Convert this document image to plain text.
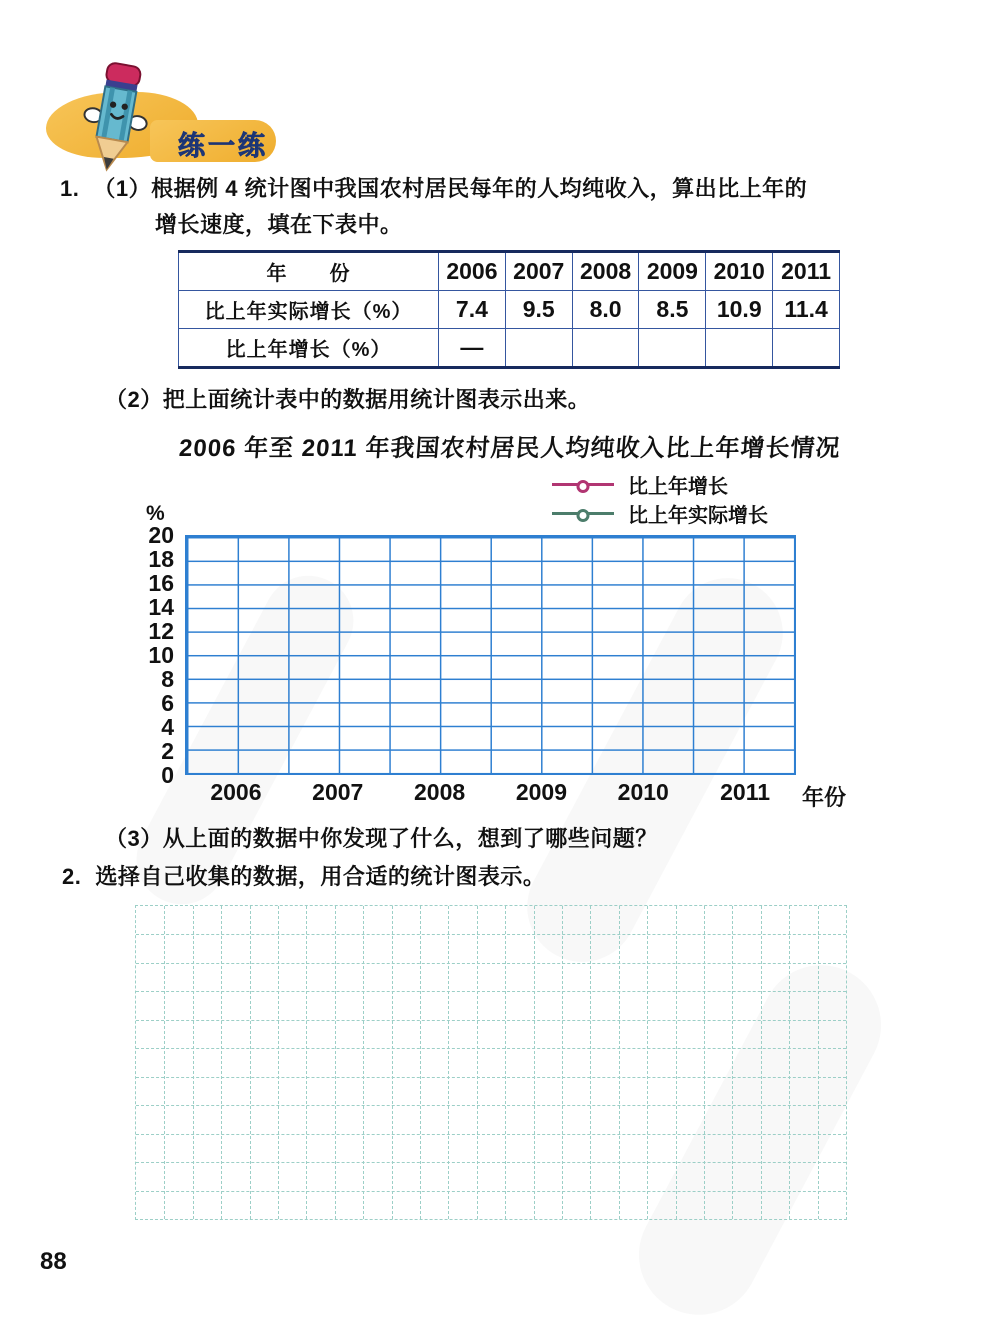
练一练
1. （1）根据例 4 统计图中我国农村居民每年的人均纯收入，算出比上年的
增长速度，填在下表中。
年　　份	2006	2007	2008	2009	2010	2011
比上年实际增长（%）	7.4	9.5	8.0	8.5	10.9	11.4
比上年增长（%）	—					
（2）把上面统计表中的数据用统计图表示出来。
2006 年至 2011 年我国农村居民人均纯收入比上年增长情况
比上年增长
比上年实际增长
%
20
18
16
14
12
10
8
6
4
2
0
2006 2007 2008 2009 2010 2011 年份
（3）从上面的数据中你发现了什么，想到了哪些问题？
2. 选择自己收集的数据，用合适的统计图表示。
88
